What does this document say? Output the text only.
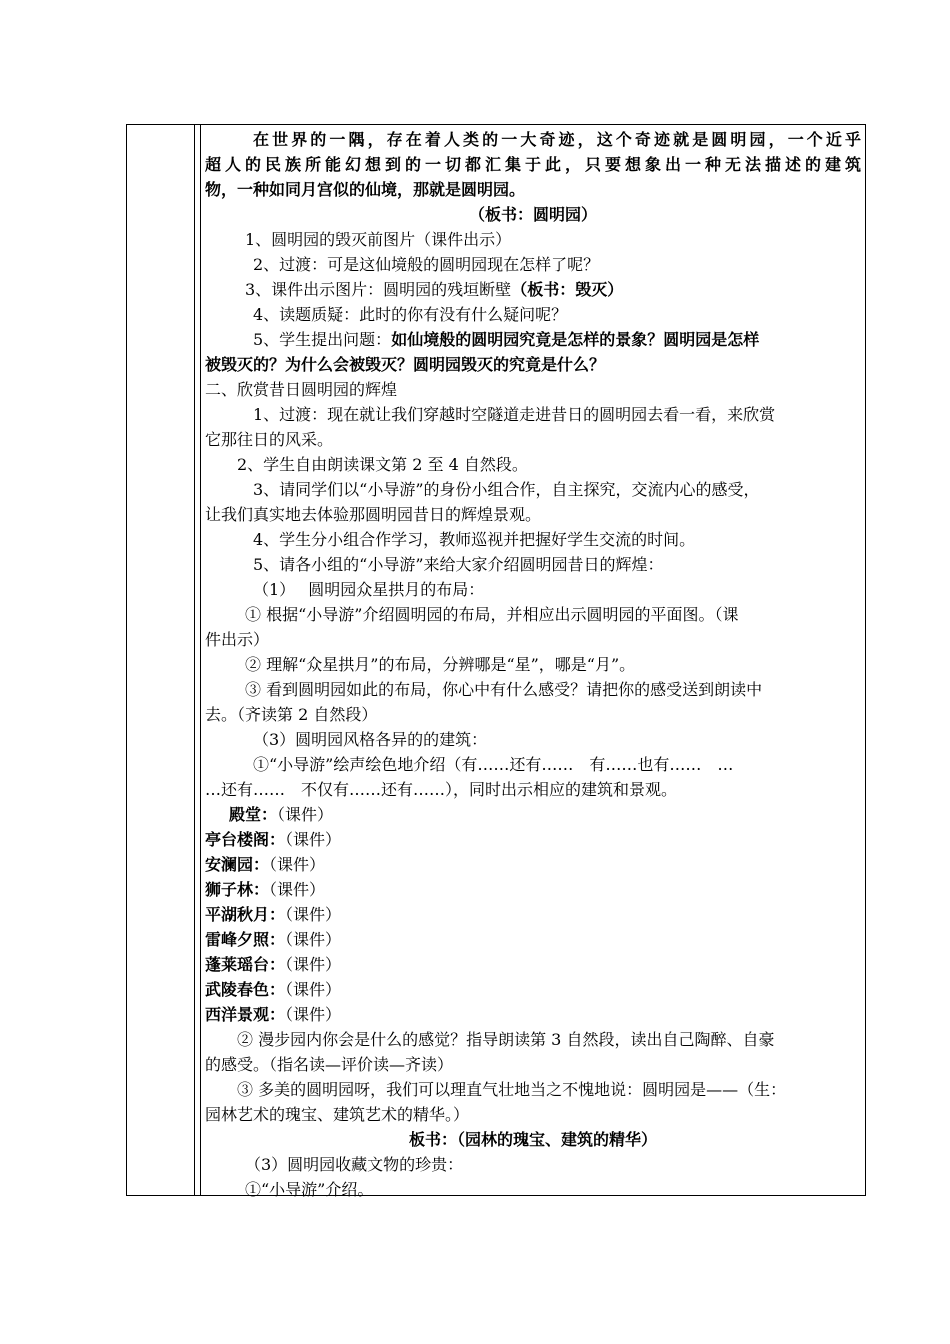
在世界的一隅，存在着人类的一大奇迹，这个奇迹就是圆明园，一个近乎
超人的民族所能幻想到的一切都汇集于此，只要想象出一种无法描述的建筑
物，一种如同月宫似的仙境，那就是圆明园。
（板书：圆明园）
1、圆明园的毁灭前图片（课件出示）
2、过渡：可是这仙境般的圆明园现在怎样了呢？
3、课件出示图片：圆明园的残垣断壁（板书：毁灭）
4、读题质疑：此时的你有没有什么疑问呢？
5、学生提出问题：如仙境般的圆明园究竟是怎样的景象？圆明园是怎样
被毁灭的？为什么会被毁灭？圆明园毁灭的究竟是什么？
二、欣赏昔日圆明园的辉煌
1、过渡：现在就让我们穿越时空隧道走进昔日的圆明园去看一看，来欣赏
它那往日的风采。
2、学生自由朗读课文第 2 至 4 自然段。
3、请同学们以“小导游”的身份小组合作，自主探究，交流内心的感受，
让我们真实地去体验那圆明园昔日的辉煌景观。
4、学生分小组合作学习，教师巡视并把握好学生交流的时间。
5、请各小组的“小导游”来给大家介绍圆明园昔日的辉煌：
（1）　 圆明园众星拱月的布局：
① 根据“小导游”介绍圆明园的布局，并相应出示圆明园的平面图。（课
件出示）
② 理解“众星拱月”的布局，分辨哪是“星”，哪是“月”。
③ 看到圆明园如此的布局，你心中有什么感受？请把你的感受送到朗读中
去。（齐读第 2 自然段）
（3）圆明园风格各异的的建筑：
①“小导游”绘声绘色地介绍（有……还有……　有……也有……　…
…还有……　不仅有……还有……），同时出示相应的建筑和景观。
殿堂：（课件）
亭台楼阁：（课件）
安澜园：（课件）
狮子林：（课件）
平湖秋月：（课件）
雷峰夕照：（课件）
蓬莱瑶台：（课件）
武陵春色：（课件）
西洋景观：（课件）
② 漫步园内你会是什么的感觉？指导朗读第 3 自然段，读出自己陶醉、自豪
的感受。（指名读—评价读—齐读）
③ 多美的圆明园呀，我们可以理直气壮地当之不愧地说：圆明园是——（生：
园林艺术的瑰宝、建筑艺术的精华。）
板书：（园林的瑰宝、建筑的精华）
（3）圆明园收藏文物的珍贵：
①“小导游”介绍。
